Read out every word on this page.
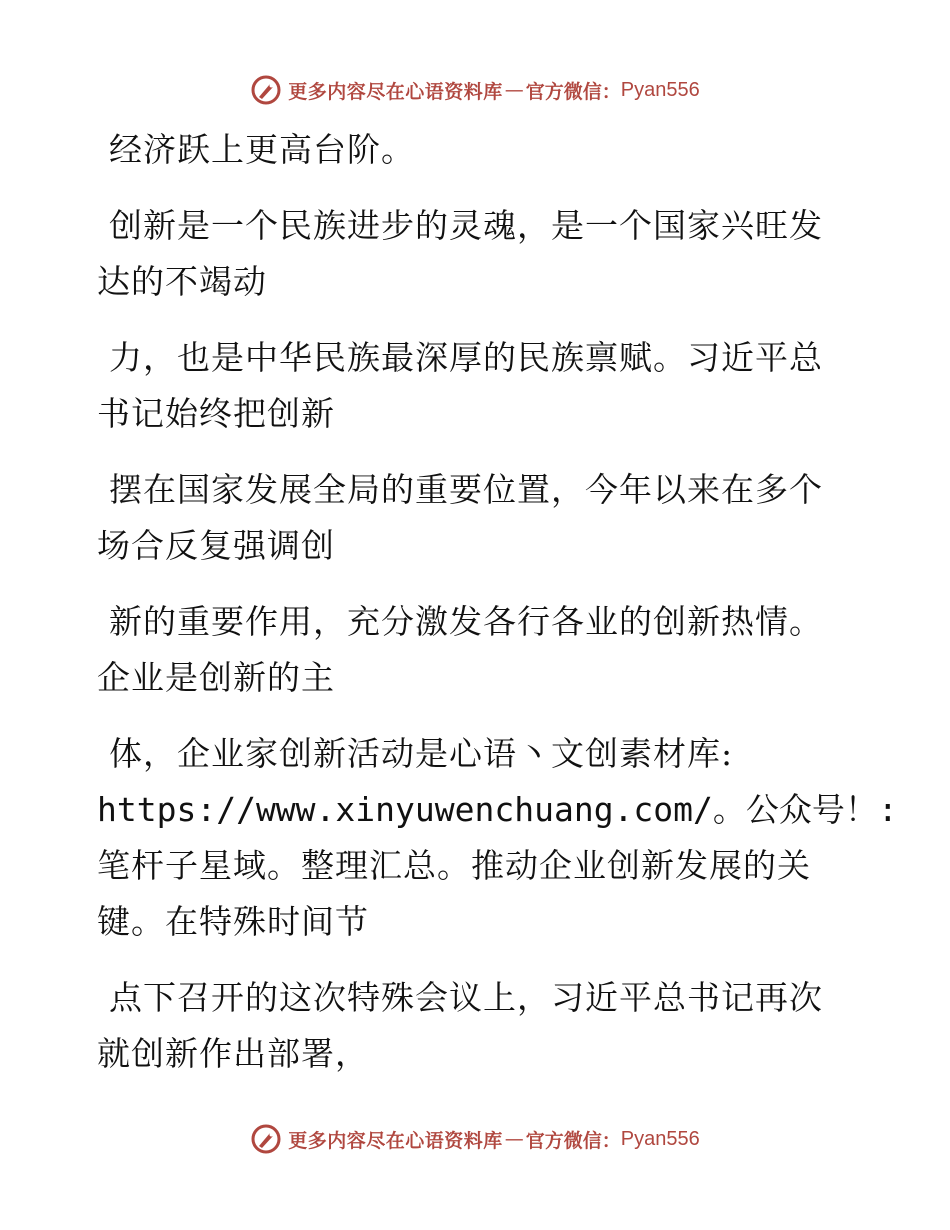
更多内容尽在心语资料库 — 官方微信： Pyan556

经济跃上更高台阶。

创新是一个民族进步的灵魂，是一个国家兴旺发
达的不竭动

力，也是中华民族最深厚的民族禀赋。习近平总
书记始终把创新

摆在国家发展全局的重要位置，今年以来在多个
场合反复强调创

新的重要作用，充分激发各行各业的创新热情。
企业是创新的主

体，企业家创新活动是心语丶文创素材库:
https://www.xinyuwenchuang.com/。公众号！:
笔杆子星域。整理汇总。推动企业创新发展的关
键。在特殊时间节

点下召开的这次特殊会议上，习近平总书记再次
就创新作出部署，

更多内容尽在心语资料库 — 官方微信： Pyan556
